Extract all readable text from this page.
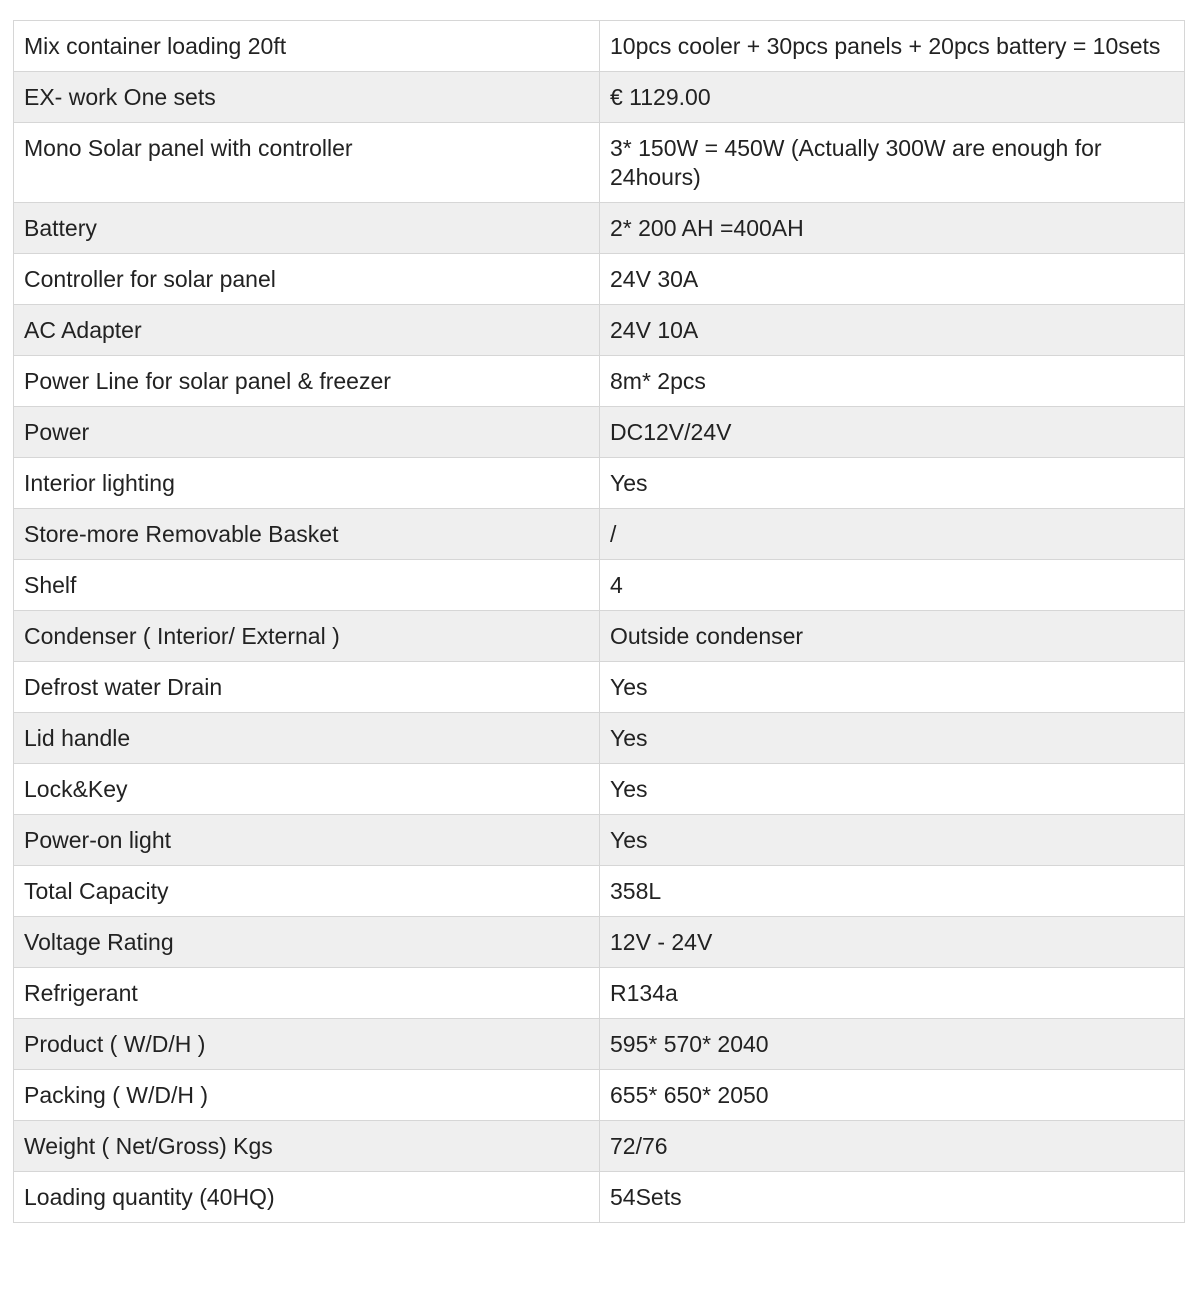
Mix container loading 20ft	10pcs cooler + 30pcs panels + 20pcs battery = 10sets
EX- work One sets	€ 1129.00
Mono Solar panel with controller	3* 150W = 450W (Actually 300W are enough for 24hours)
Battery	2* 200 AH =400AH
Controller for solar panel	24V 30A
AC Adapter	24V 10A
Power Line for solar panel & freezer	8m* 2pcs
Power	DC12V/24V
Interior lighting	Yes
Store-more Removable Basket	/
Shelf	4
Condenser ( Interior/ External )	Outside condenser
Defrost water Drain	Yes
Lid handle	Yes
Lock&Key	Yes
Power-on light	Yes
Total Capacity	358L
Voltage Rating	12V - 24V
Refrigerant	R134a
Product ( W/D/H )	595* 570* 2040
Packing ( W/D/H )	655* 650* 2050
Weight ( Net/Gross) Kgs	72/76
Loading quantity (40HQ)	54Sets
